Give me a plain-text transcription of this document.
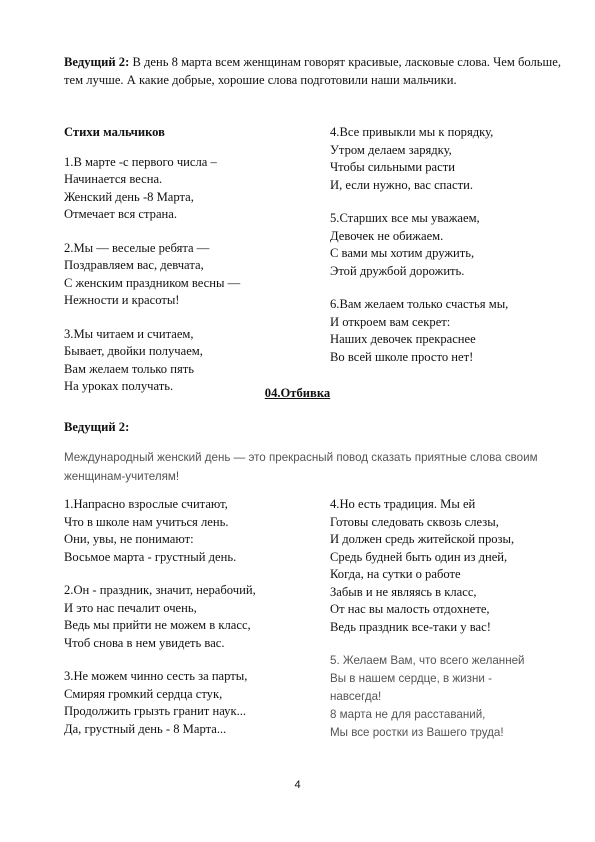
Ведущий 2: В день 8 марта всем женщинам говорят красивые, ласковые слова. Чем больше, тем лучше. А какие добрые, хорошие слова подготовили наши мальчики.
Стихи мальчиков
1.В марте -с первого числа –
Начинается весна.
Женский день -8 Марта,
Отмечает вся страна.
2.Мы — веселые ребята —
Поздравляем вас, девчата,
С женским праздником весны —
Нежности и красоты!
3.Мы читаем и считаем,
Бывает, двойки получаем,
Вам желаем только пять
На уроках получать.
4.Все привыкли мы к порядку,
Утром делаем зарядку,
Чтобы сильными расти
И, если нужно, вас спасти.
5.Старших все мы уважаем,
Девочек не обижаем.
С вами мы хотим дружить,
Этой дружбой дорожить.
6.Вам желаем только счастья мы,
И откроем вам секрет:
Наших девочек прекраснее
Во всей школе просто нет!
04.Отбивка
Ведущий 2:
Международный женский день — это прекрасный повод сказать приятные слова своим женщинам-учителям!
1.Напрасно взрослые считают,
Что в школе нам учиться лень.
Они, увы, не понимают:
Восьмое марта - грустный день.
2.Он - праздник, значит, нерабочий,
И это нас печалит очень,
Ведь мы прийти не можем в класс,
Чтоб снова в нем увидеть вас.
3.Не можем чинно сесть за парты,
Смиряя громкий сердца стук,
Продолжить грызть гранит наук...
Да, грустный день - 8 Марта...
4.Но есть традиция. Мы ей
Готовы следовать сквозь слезы,
И должен средь житейской прозы,
Средь будней быть один из дней,
Когда, на сутки о работе
Забыв и не являясь в класс,
От нас вы малость отдохнете,
Ведь праздник все-таки у вас!
5. Желаем Вам, что всего желанней
Вы в нашем сердце, в жизни - навсегда!
8 марта не для расставаний,
Мы все ростки из Вашего труда!
4
